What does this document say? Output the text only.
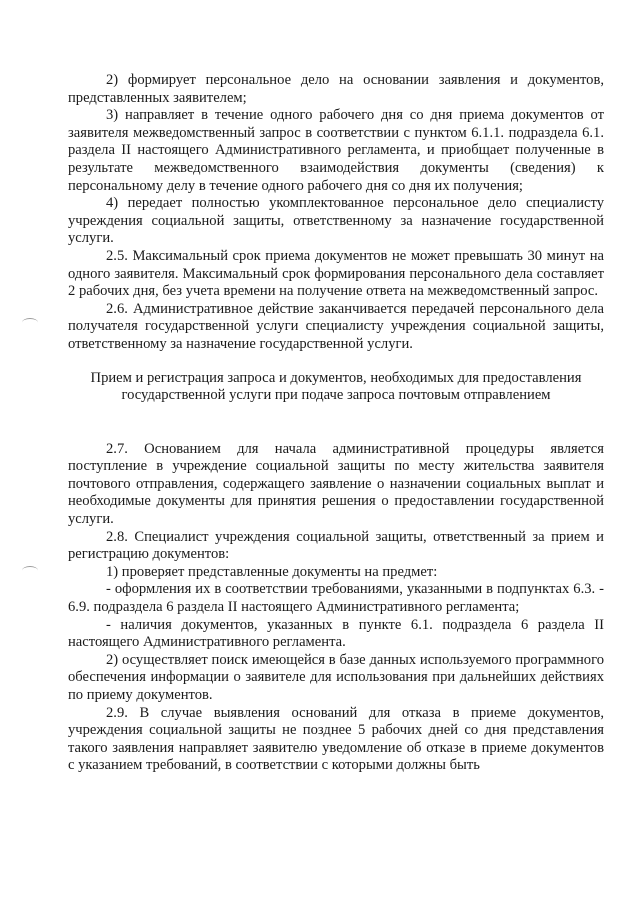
2) формирует персональное дело на основании заявления и документов, представленных заявителем;

3) направляет в течение одного рабочего дня со дня приема документов от заявителя межведомственный запрос в соответствии с пунктом 6.1.1. подраздела 6.1. раздела II настоящего Административного регламента, и приобщает полученные в результате межведомственного взаимодействия документы (сведения) к персональному делу в течение одного рабочего дня со дня их получения;

4) передает полностью укомплектованное персональное дело специалисту учреждения социальной защиты, ответственному за назначение государственной услуги.

2.5. Максимальный срок приема документов не может превышать 30 минут на одного заявителя. Максимальный срок формирования персонального дела составляет 2 рабочих дня, без учета времени на получение ответа на межведомственный запрос.

2.6. Административное действие заканчивается передачей персонального дела получателя государственной услуги специалисту учреждения социальной защиты, ответственному за назначение государственной услуги.

Прием и регистрация запроса и документов, необходимых для предоставления государственной услуги при подаче запроса почтовым отправлением

2.7. Основанием для начала административной процедуры является поступление в учреждение социальной защиты по месту жительства заявителя почтового отправления, содержащего заявление о назначении социальных выплат и необходимые документы для принятия решения о предоставлении государственной услуги.

2.8. Специалист учреждения социальной защиты, ответственный за прием и регистрацию документов:

1) проверяет представленные документы на предмет:

- оформления их в соответствии требованиями, указанными в подпунктах 6.3. - 6.9. подраздела 6 раздела II настоящего Административного регламента;

- наличия документов, указанных в пункте 6.1. подраздела 6 раздела II настоящего Административного регламента.

2) осуществляет поиск имеющейся в базе данных используемого программного обеспечения информации о заявителе для использования при дальнейших действиях по приему документов.

2.9. В случае выявления оснований для отказа в приеме документов, учреждения социальной защиты не позднее 5 рабочих дней со дня представления такого заявления направляет заявителю уведомление об отказе в приеме документов с указанием требований, в соответствии с которыми должны быть
